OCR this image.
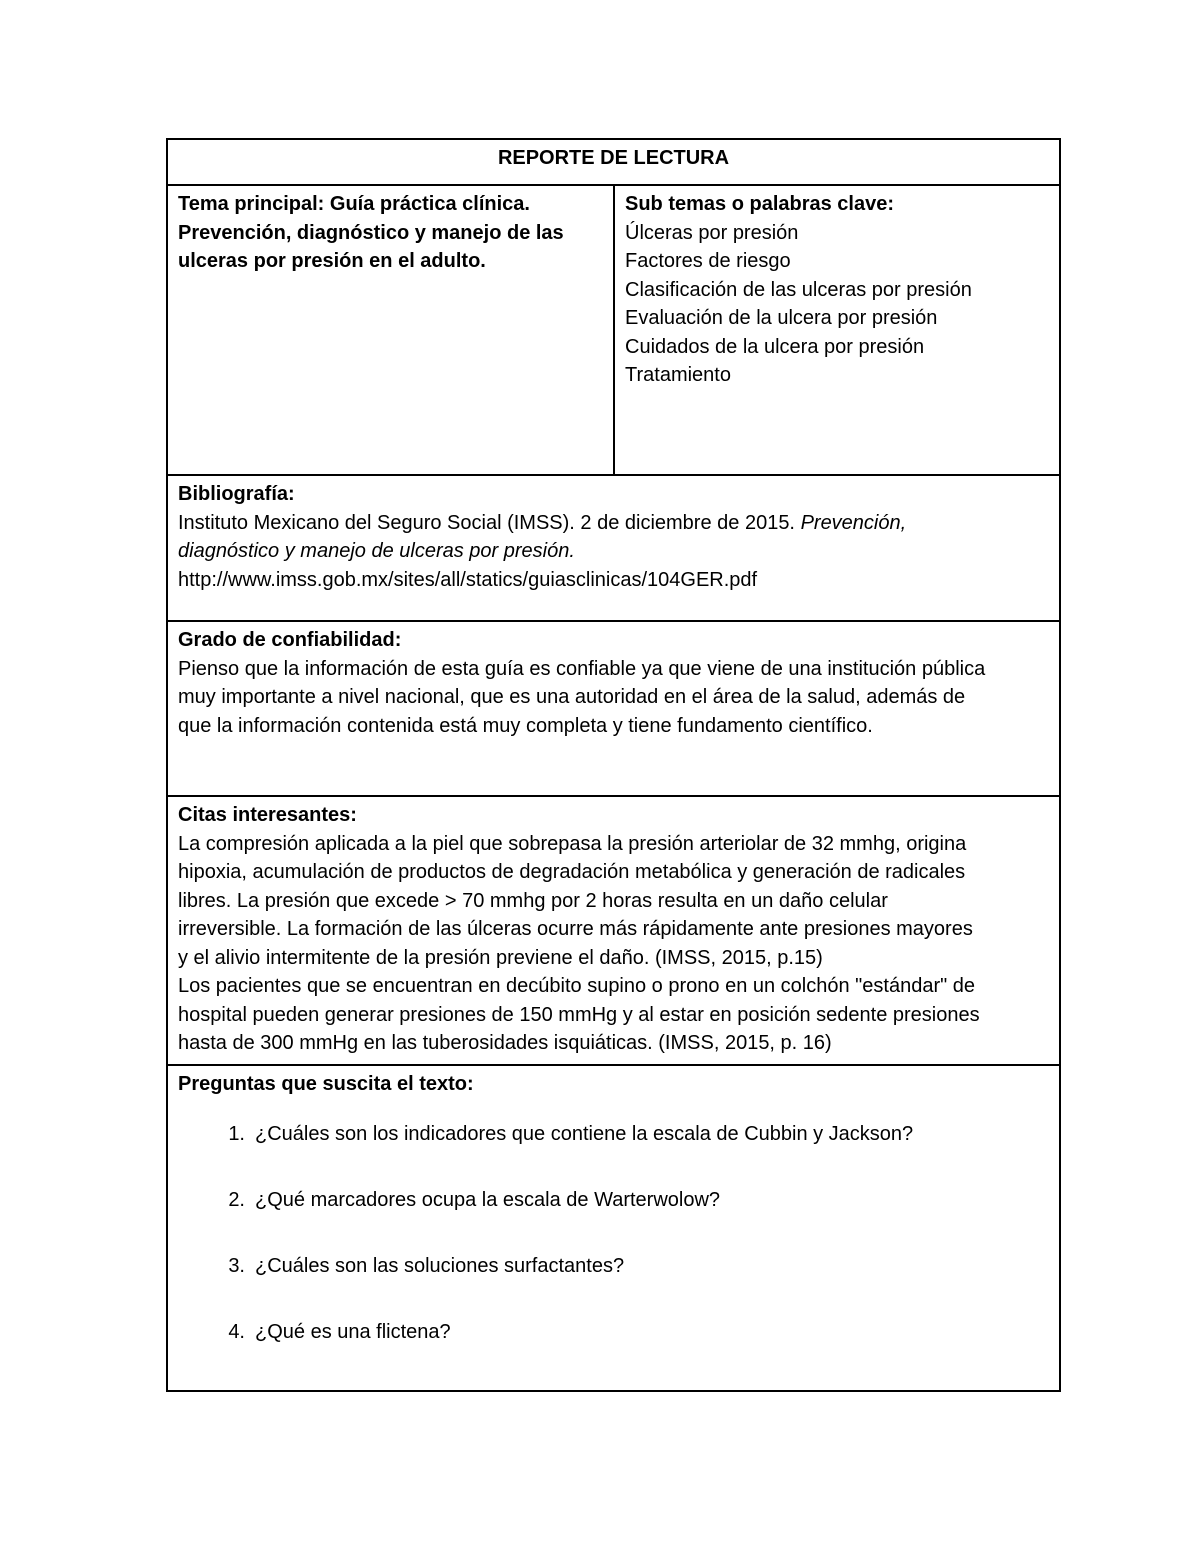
REPORTE DE LECTURA

Tema principal: Guía práctica clínica.
Prevención, diagnóstico y manejo de las
ulceras por presión en el adulto.

Sub temas o palabras clave:
Úlceras por presión
Factores de riesgo
Clasificación de las ulceras por presión
Evaluación de la ulcera por presión
Cuidados de la ulcera por presión
Tratamiento

Bibliografía:
Instituto Mexicano del Seguro Social (IMSS). 2 de diciembre de 2015. Prevención,
diagnóstico y manejo de ulceras por presión.
http://www.imss.gob.mx/sites/all/statics/guiasclinicas/104GER.pdf

Grado de confiabilidad:
Pienso que la información de esta guía es confiable ya que viene de una institución pública
muy importante a nivel nacional, que es una autoridad en el área de la salud, además de
que la información contenida está muy completa y tiene fundamento científico.

Citas interesantes:
La compresión aplicada a la piel que sobrepasa la presión arteriolar de 32 mmhg, origina
hipoxia, acumulación de productos de degradación metabólica y generación de radicales
libres. La presión que excede > 70 mmhg por 2 horas resulta en un daño celular
irreversible. La formación de las úlceras ocurre más rápidamente ante presiones mayores
y el alivio intermitente de la presión previene el daño. (IMSS, 2015, p.15)
Los pacientes que se encuentran en decúbito supino o prono en un colchón "estándar" de
hospital pueden generar presiones de 150 mmHg y al estar en posición sedente presiones
hasta de 300 mmHg en las tuberosidades isquiáticas. (IMSS, 2015, p. 16)

Preguntas que suscita el texto:
1. ¿Cuáles son los indicadores que contiene la escala de Cubbin y Jackson?
2. ¿Qué marcadores ocupa la escala de Warterwolow?
3. ¿Cuáles son las soluciones surfactantes?
4. ¿Qué es una flictena?
